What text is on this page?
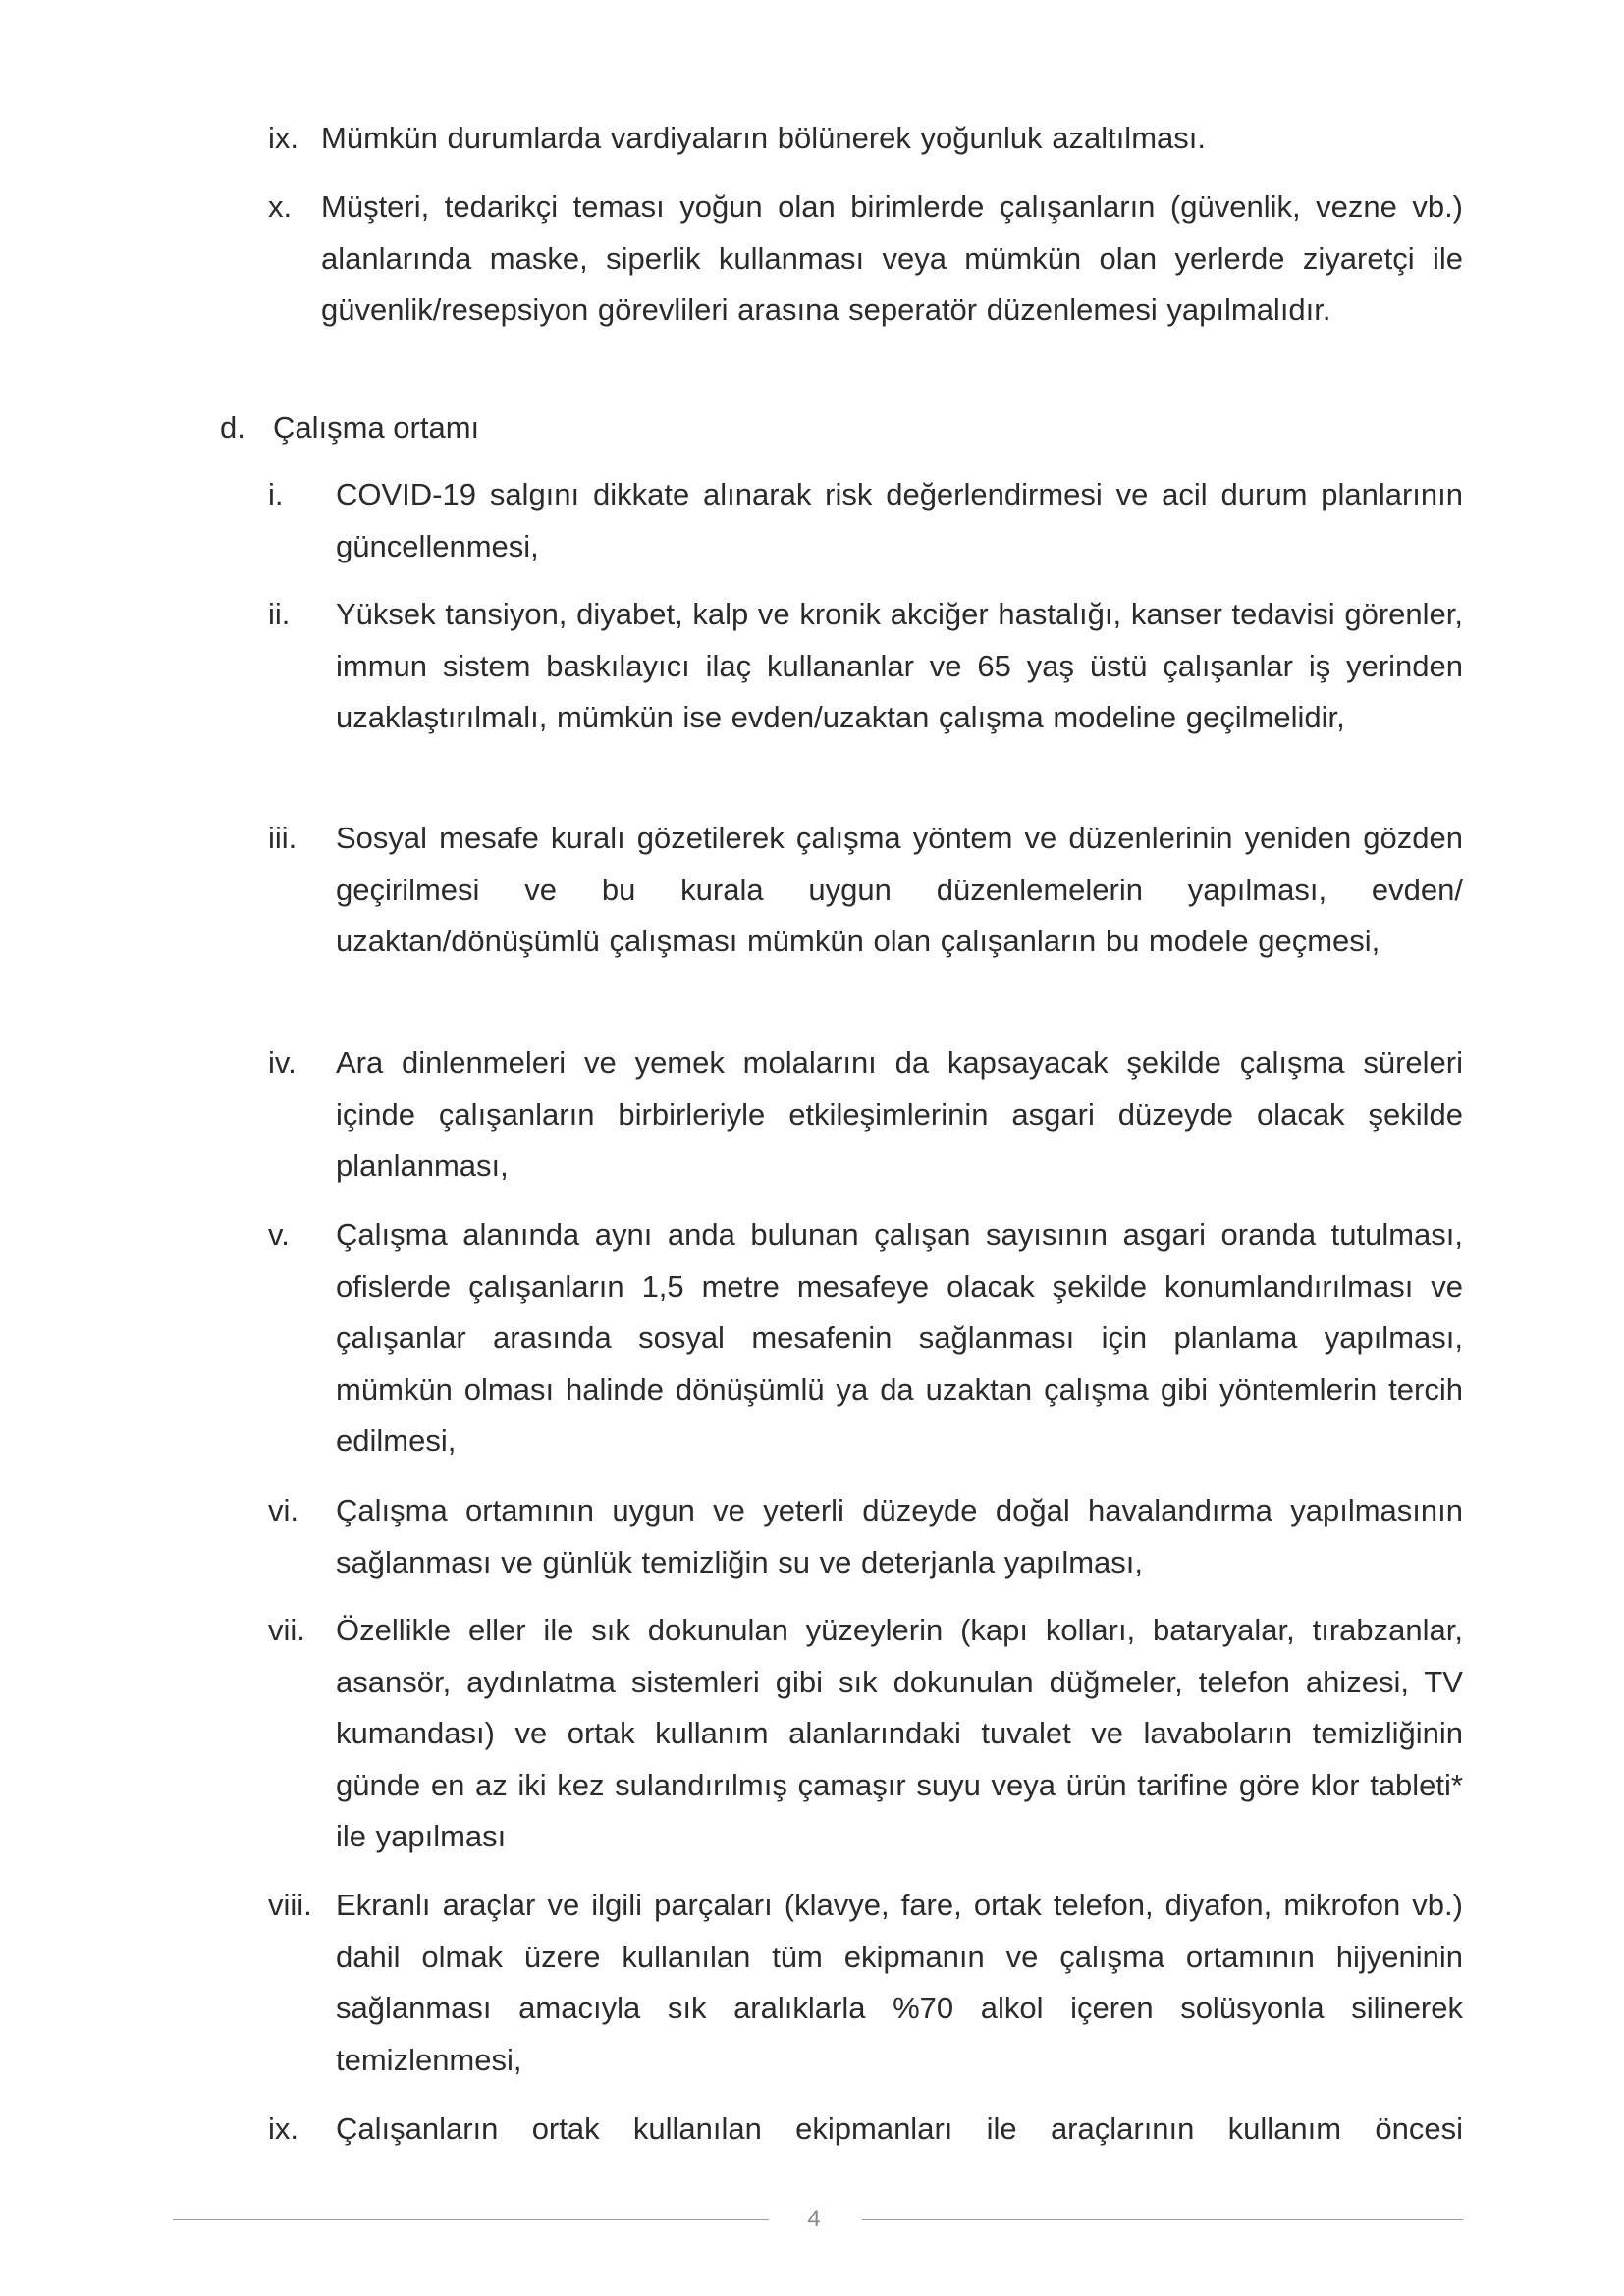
ix. Mümkün durumlarda vardiyaların bölünerek yoğunluk azaltılması.
x. Müşteri, tedarikçi teması yoğun olan birimlerde çalışanların (güvenlik, vezne vb.) alanlarında maske, siperlik kullanması veya mümkün olan yerlerde ziyaretçi ile güvenlik/resepsiyon görevlileri arasına seperatör düzenlemesi yapılmalıdır.
d. Çalışma ortamı
i. COVID-19 salgını dikkate alınarak risk değerlendirmesi ve acil durum planlarının güncellenmesi,
ii. Yüksek tansiyon, diyabet, kalp ve kronik akciğer hastalığı, kanser tedavisi görenler, immun sistem baskılayıcı ilaç kullananlar ve 65 yaş üstü çalışanlar iş yerinden uzaklaştırılmalı, mümkün ise evden/uzaktan çalışma modeline geçilmelidir,
iii. Sosyal mesafe kuralı gözetilerek çalışma yöntem ve düzenlerinin yeniden gözden geçirilmesi ve bu kurala uygun düzenlemelerin yapılması, evden/ uzaktan/dönüşümlü çalışması mümkün olan çalışanların bu modele geçmesi,
iv. Ara dinlenmeleri ve yemek molalarını da kapsayacak şekilde çalışma süreleri içinde çalışanların birbirleriyle etkileşimlerinin asgari düzeyde olacak şekilde planlanması,
v. Çalışma alanında aynı anda bulunan çalışan sayısının asgari oranda tutulması, ofislerde çalışanların 1,5 metre mesafeye olacak şekilde konumlandırılması ve çalışanlar arasında sosyal mesafenin sağlanması için planlama yapılması, mümkün olması halinde dönüşümlü ya da uzaktan çalışma gibi yöntemlerin tercih edilmesi,
vi. Çalışma ortamının uygun ve yeterli düzeyde doğal havalandırma yapılmasının sağlanması ve günlük temizliğin su ve deterjanla yapılması,
vii. Özellikle eller ile sık dokunulan yüzeylerin (kapı kolları, bataryalar, tırabzanlar, asansör, aydınlatma sistemleri gibi sık dokunulan düğmeler, telefon ahizesi, TV kumandası) ve ortak kullanım alanlarındaki tuvalet ve lavaboların temizliğinin günde en az iki kez sulandırılmış çamaşır suyu veya ürün tarifine göre klor tableti* ile yapılması
viii. Ekranlı araçlar ve ilgili parçaları (klavye, fare, ortak telefon, diyafon, mikrofon vb.) dahil olmak üzere kullanılan tüm ekipmanın ve çalışma ortamının hijyeninin sağlanması amacıyla sık aralıklarla %70 alkol içeren solüsyonla silinerek temizlenmesi,
ix. Çalışanların ortak kullanılan ekipmanları ile araçlarının kullanım öncesi
4
